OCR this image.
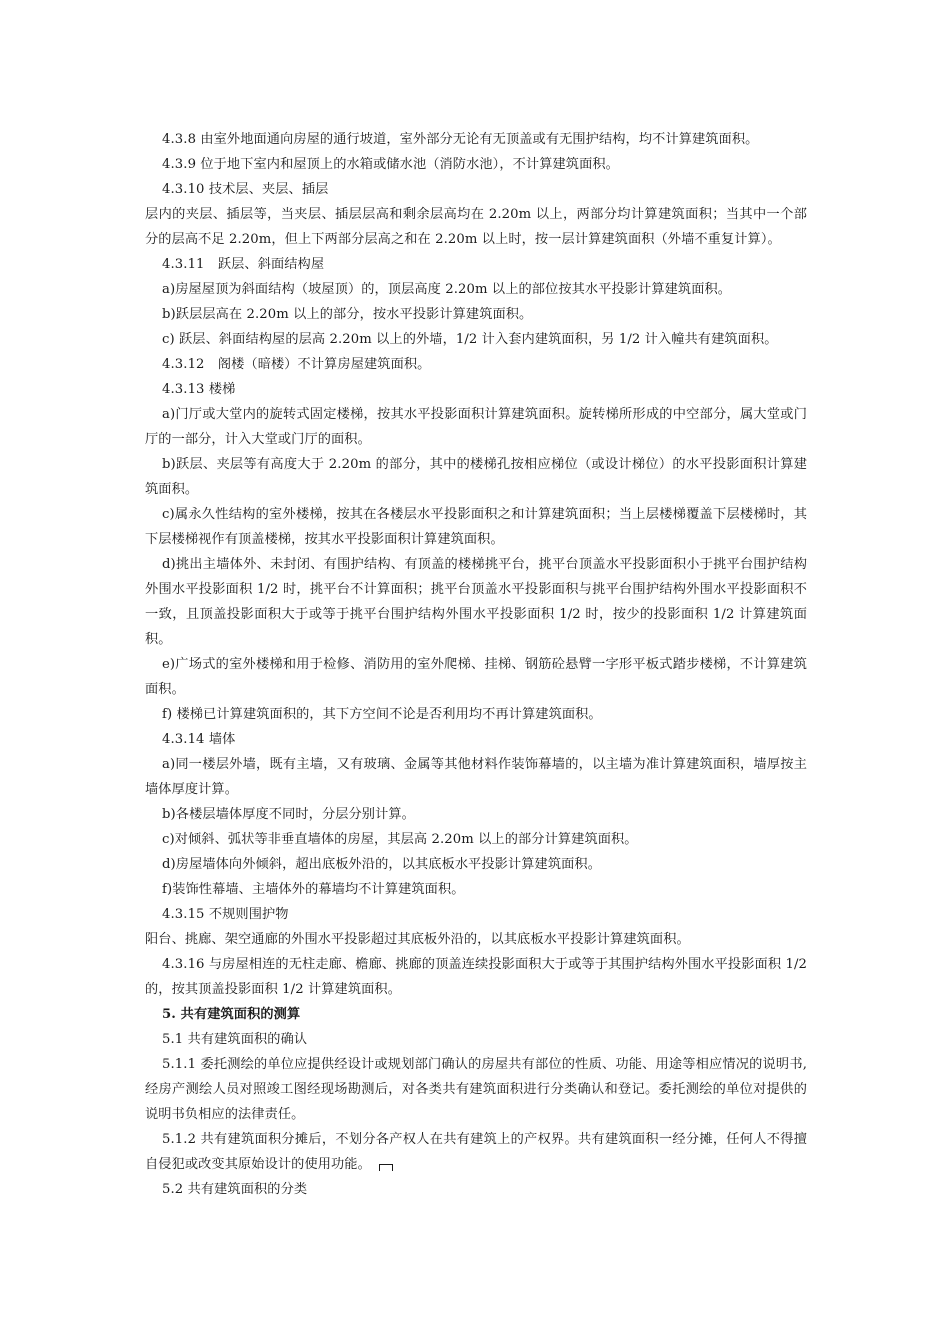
4.3.8 由室外地面通向房屋的通行坡道，室外部分无论有无顶盖或有无围护结构，均不计算建筑面积。

4.3.9 位于地下室内和屋顶上的水箱或储水池（消防水池），不计算建筑面积。

4.3.10 技术层、夹层、插层

层内的夹层、插层等，当夹层、插层层高和剩余层高均在 2.20m 以上，两部分均计算建筑面积；当其中一个部分的层高不足 2.20m，但上下两部分层高之和在 2.20m 以上时，按一层计算建筑面积（外墙不重复计算）。

4.3.11　跃层、斜面结构屋

a)房屋屋顶为斜面结构（坡屋顶）的，顶层高度 2.20m 以上的部位按其水平投影计算建筑面积。

b)跃层层高在 2.20m 以上的部分，按水平投影计算建筑面积。

c) 跃层、斜面结构屋的层高 2.20m 以上的外墙，1/2 计入套内建筑面积，另 1/2 计入幢共有建筑面积。

4.3.12　阁楼（暗楼）不计算房屋建筑面积。

4.3.13 楼梯

a)门厅或大堂内的旋转式固定楼梯，按其水平投影面积计算建筑面积。旋转梯所形成的中空部分，属大堂或门厅的一部分，计入大堂或门厅的面积。

b)跃层、夹层等有高度大于 2.20m 的部分，其中的楼梯孔按相应梯位（或设计梯位）的水平投影面积计算建筑面积。

c)属永久性结构的室外楼梯，按其在各楼层水平投影面积之和计算建筑面积；当上层楼梯覆盖下层楼梯时，其下层楼梯视作有顶盖楼梯，按其水平投影面积计算建筑面积。

d)挑出主墙体外、未封闭、有围护结构、有顶盖的楼梯挑平台，挑平台顶盖水平投影面积小于挑平台围护结构外围水平投影面积 1/2 时，挑平台不计算面积；挑平台顶盖水平投影面积与挑平台围护结构外围水平投影面积不一致，且顶盖投影面积大于或等于挑平台围护结构外围水平投影面积 1/2 时，按少的投影面积 1/2 计算建筑面积。

e)广场式的室外楼梯和用于检修、消防用的室外爬梯、挂梯、钢筋砼悬臂一字形平板式踏步楼梯，不计算建筑面积。

f) 楼梯已计算建筑面积的，其下方空间不论是否利用均不再计算建筑面积。

4.3.14 墙体

a)同一楼层外墙，既有主墙，又有玻璃、金属等其他材料作装饰幕墙的，以主墙为准计算建筑面积，墙厚按主墙体厚度计算。

b)各楼层墙体厚度不同时，分层分别计算。

c)对倾斜、弧状等非垂直墙体的房屋，其层高 2.20m 以上的部分计算建筑面积。

d)房屋墙体向外倾斜，超出底板外沿的，以其底板水平投影计算建筑面积。

f)装饰性幕墙、主墙体外的幕墙均不计算建筑面积。

4.3.15 不规则围护物

阳台、挑廊、架空通廊的外围水平投影超过其底板外沿的，以其底板水平投影计算建筑面积。

4.3.16 与房屋相连的无柱走廊、檐廊、挑廊的顶盖连续投影面积大于或等于其围护结构外围水平投影面积 1/2 的，按其顶盖投影面积 1/2 计算建筑面积。

5. 共有建筑面积的测算

5.1 共有建筑面积的确认

5.1.1 委托测绘的单位应提供经设计或规划部门确认的房屋共有部位的性质、功能、用途等相应情况的说明书, 经房产测绘人员对照竣工图经现场勘测后，对各类共有建筑面积进行分类确认和登记。委托测绘的单位对提供的说明书负相应的法律责任。

5.1.2 共有建筑面积分摊后，不划分各产权人在共有建筑上的产权界。共有建筑面积一经分摊，任何人不得擅自侵犯或改变其原始设计的使用功能。

5.2 共有建筑面积的分类
